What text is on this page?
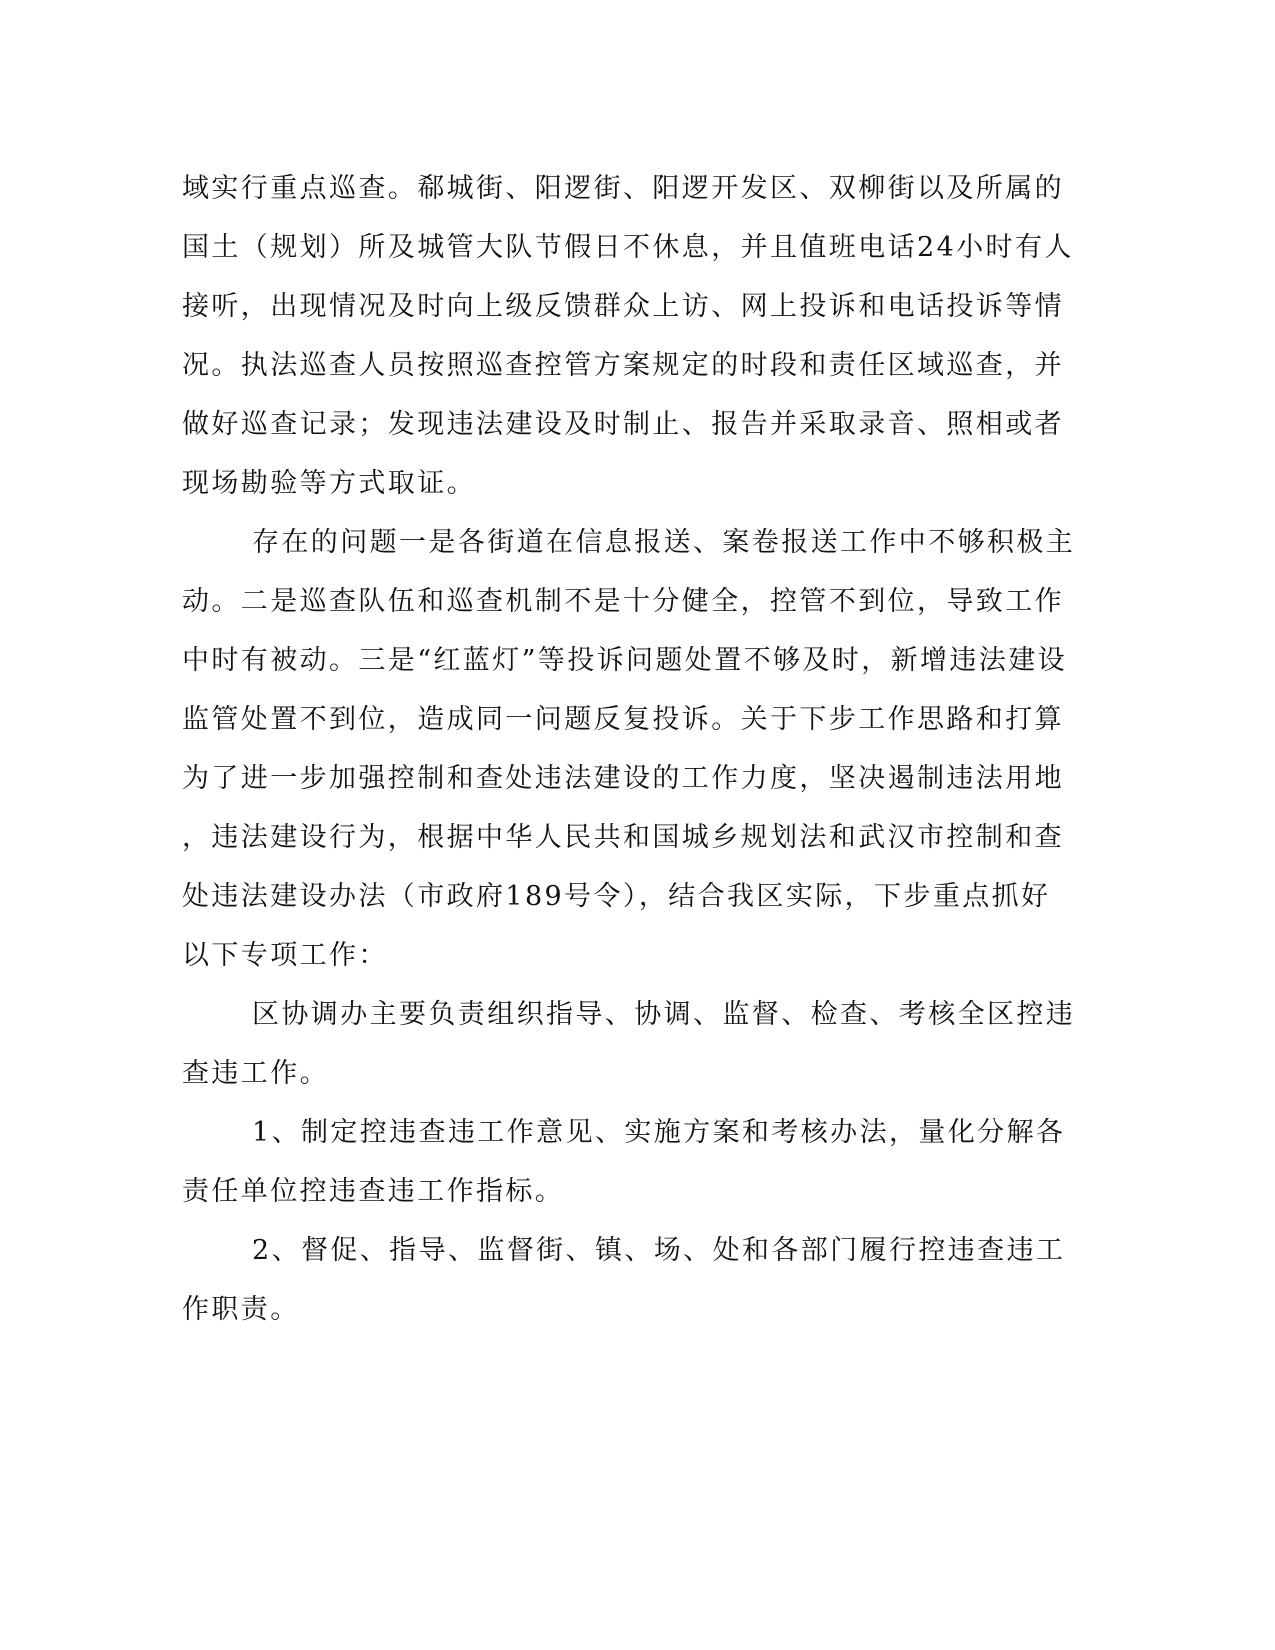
域实行重点巡查。郗城街、阳逻街、阳逻开发区、双柳街以及所属的
国土（规划）所及城管大队节假日不休息，并且值班电话24小时有人
接听，出现情况及时向上级反馈群众上访、网上投诉和电话投诉等情
况。执法巡查人员按照巡查控管方案规定的时段和责任区域巡查，并
做好巡查记录；发现违法建设及时制止、报告并采取录音、照相或者
现场勘验等方式取证。
存在的问题一是各街道在信息报送、案卷报送工作中不够积极主
动。二是巡查队伍和巡查机制不是十分健全，控管不到位，导致工作
中时有被动。三是“红蓝灯”等投诉问题处置不够及时，新增违法建设
监管处置不到位，造成同一问题反复投诉。关于下步工作思路和打算
为了进一步加强控制和查处违法建设的工作力度，坚决遏制违法用地
，违法建设行为，根据中华人民共和国城乡规划法和武汉市控制和查
处违法建设办法（市政府189号令），结合我区实际，下步重点抓好
以下专项工作：
区协调办主要负责组织指导、协调、监督、检查、考核全区控违
查违工作。
1、制定控违查违工作意见、实施方案和考核办法，量化分解各
责任单位控违查违工作指标。
2、督促、指导、监督街、镇、场、处和各部门履行控违查违工
作职责。
